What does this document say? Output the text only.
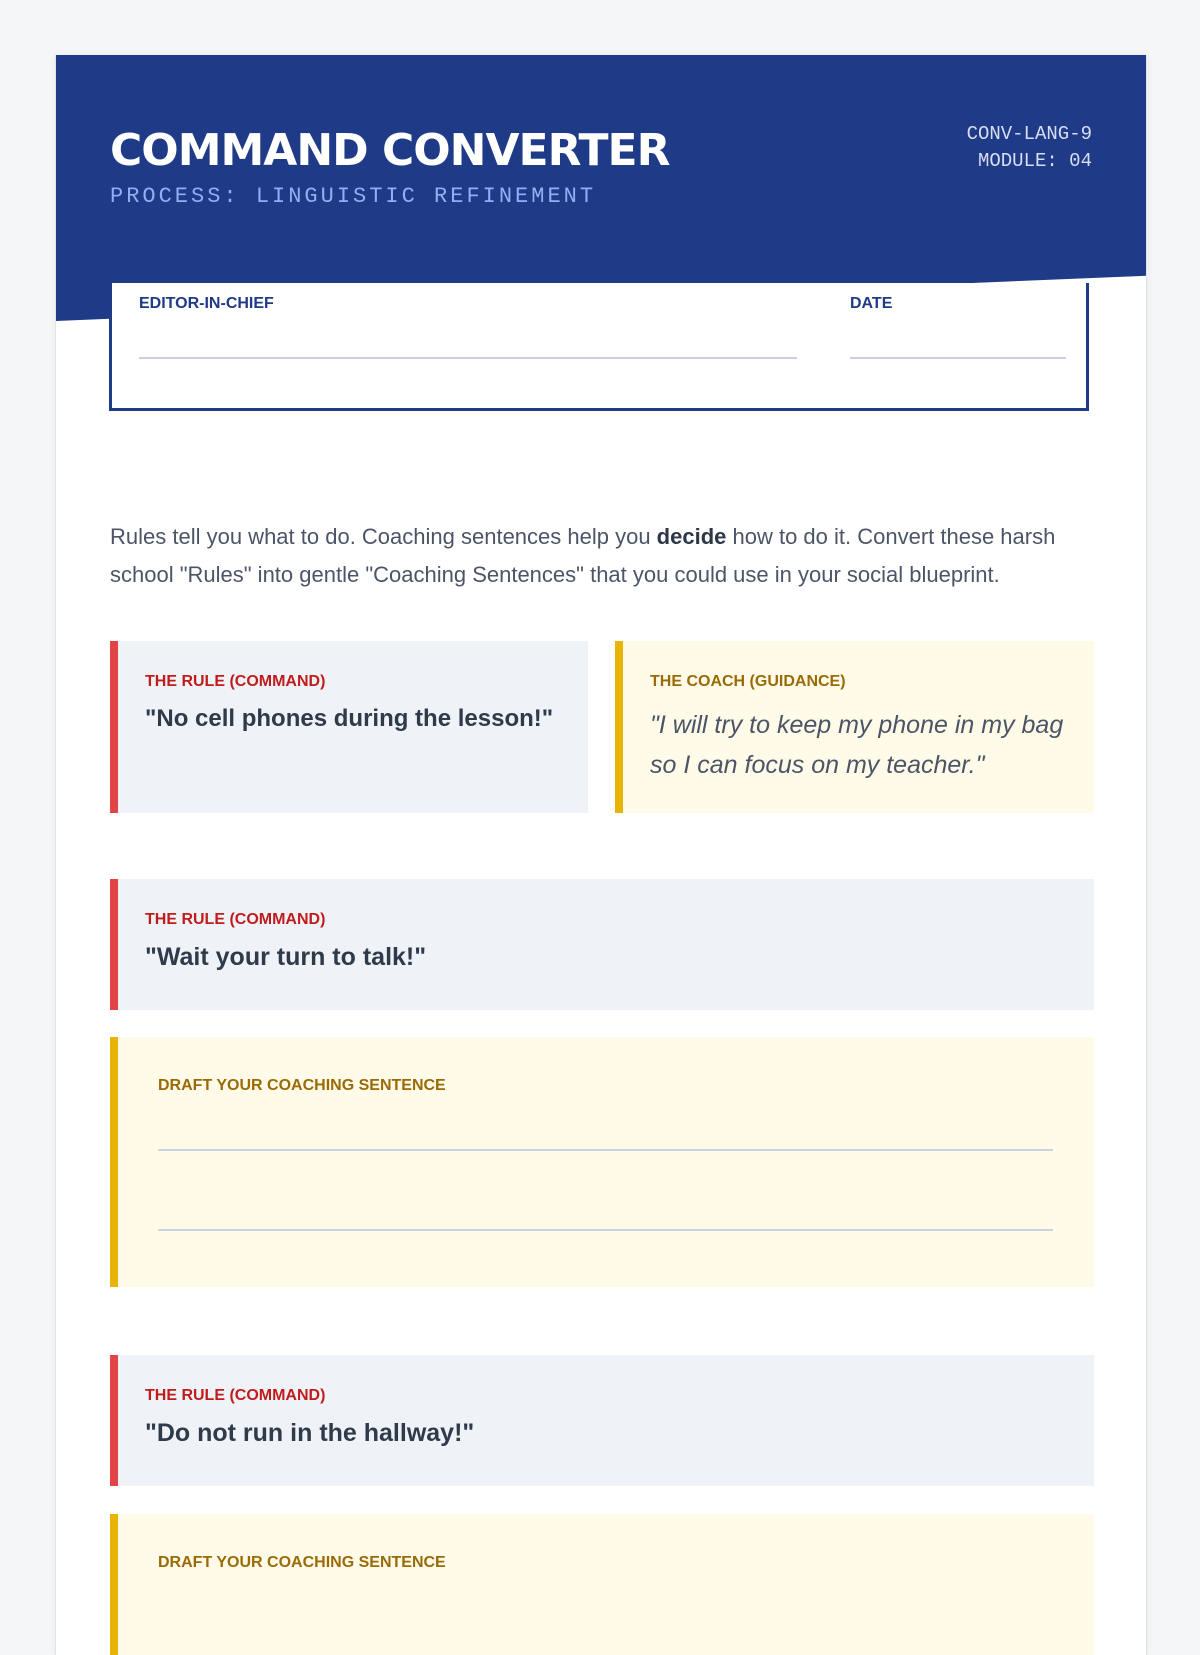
COMMAND CONVERTER
PROCESS: LINGUISTIC REFINEMENT
CONV-LANG-9
MODULE: 04
EDITOR-IN-CHIEF	DATE

Rules tell you what to do. Coaching sentences help you decide how to do it. Convert these harsh school "Rules" into gentle "Coaching Sentences" that you could use in your social blueprint.

THE RULE (COMMAND)
"No cell phones during the lesson!"
THE COACH (GUIDANCE)
"I will try to keep my phone in my bag so I can focus on my teacher."
THE RULE (COMMAND)
"Wait your turn to talk!"
DRAFT YOUR COACHING SENTENCE
THE RULE (COMMAND)
"Do not run in the hallway!"
DRAFT YOUR COACHING SENTENCE
